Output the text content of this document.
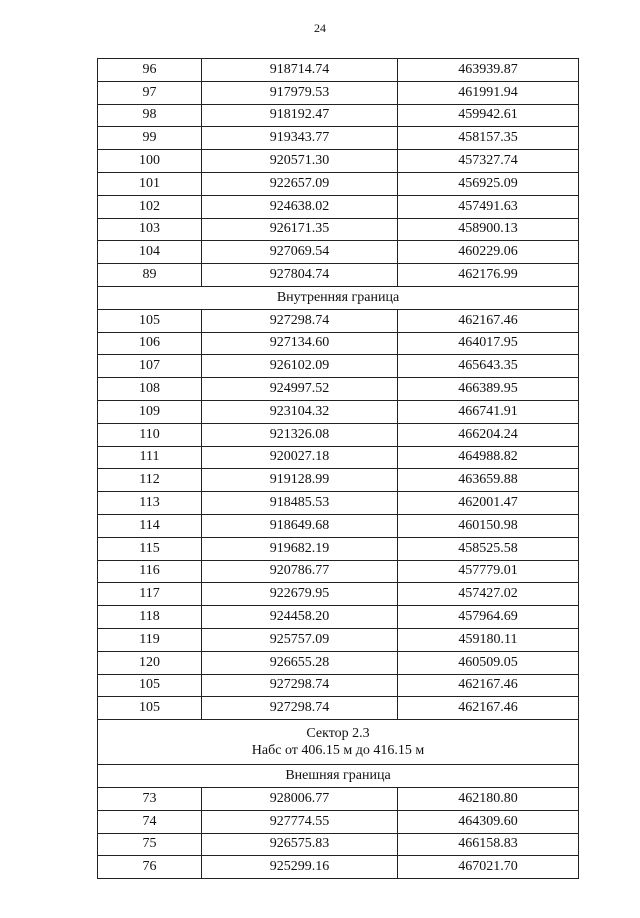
24
96	918714.74	463939.87
97	917979.53	461991.94
98	918192.47	459942.61
99	919343.77	458157.35
100	920571.30	457327.74
101	922657.09	456925.09
102	924638.02	457491.63
103	926171.35	458900.13
104	927069.54	460229.06
89	927804.74	462176.99
Внутренняя граница		
105	927298.74	462167.46
106	927134.60	464017.95
107	926102.09	465643.35
108	924997.52	466389.95
109	923104.32	466741.91
110	921326.08	466204.24
111	920027.18	464988.82
112	919128.99	463659.88
113	918485.53	462001.47
114	918649.68	460150.98
115	919682.19	458525.58
116	920786.77	457779.01
117	922679.95	457427.02
118	924458.20	457964.69
119	925757.09	459180.11
120	926655.28	460509.05
105	927298.74	462167.46
105	927298.74	462167.46

Сектор 2.3
Набс от 406.15 м до 416.15 м		

Внешняя граница		
73	928006.77	462180.80
74	927774.55	464309.60
75	926575.83	466158.83
76	925299.16	467021.70
